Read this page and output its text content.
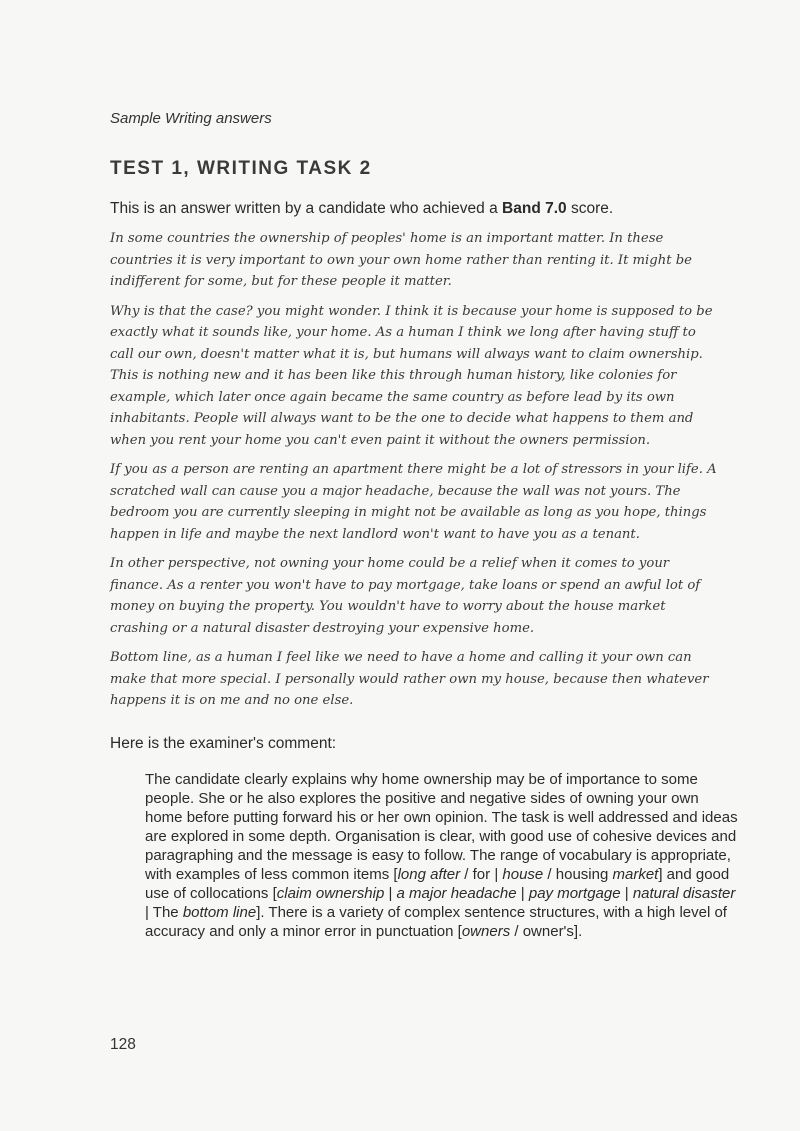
Sample Writing answers
TEST 1, WRITING TASK 2
This is an answer written by a candidate who achieved a Band 7.0 score.

In some countries the ownership of peoples' home is an important matter. In these countries it is very important to own your own home rather than renting it. It might be indifferent for some, but for these people it matter.

Why is that the case? you might wonder. I think it is because your home is supposed to be exactly what it sounds like, your home. As a human I think we long after having stuff to call our own, doesn't matter what it is, but humans will always want to claim ownership. This is nothing new and it has been like this through human history, like colonies for example, which later once again became the same country as before lead by its own inhabitants. People will always want to be the one to decide what happens to them and when you rent your home you can't even paint it without the owners permission.

If you as a person are renting an apartment there might be a lot of stressors in your life. A scratched wall can cause you a major headache, because the wall was not yours. The bedroom you are currently sleeping in might not be available as long as you hope, things happen in life and maybe the next landlord won't want to have you as a tenant.

In other perspective, not owning your home could be a relief when it comes to your finance. As a renter you won't have to pay mortgage, take loans or spend an awful lot of money on buying the property. You wouldn't have to worry about the house market crashing or a natural disaster destroying your expensive home.

Bottom line, as a human I feel like we need to have a home and calling it your own can make that more special. I personally would rather own my house, because then whatever happens it is on me and no one else.

Here is the examiner's comment:
The candidate clearly explains why home ownership may be of importance to some people. She or he also explores the positive and negative sides of owning your own home before putting forward his or her own opinion. The task is well addressed and ideas are explored in some depth. Organisation is clear, with good use of cohesive devices and paragraphing and the message is easy to follow. The range of vocabulary is appropriate, with examples of less common items [long after / for | house / housing market] and good use of collocations [claim ownership | a major headache | pay mortgage | natural disaster | The bottom line]. There is a variety of complex sentence structures, with a high level of accuracy and only a minor error in punctuation [owners / owner's].
128
